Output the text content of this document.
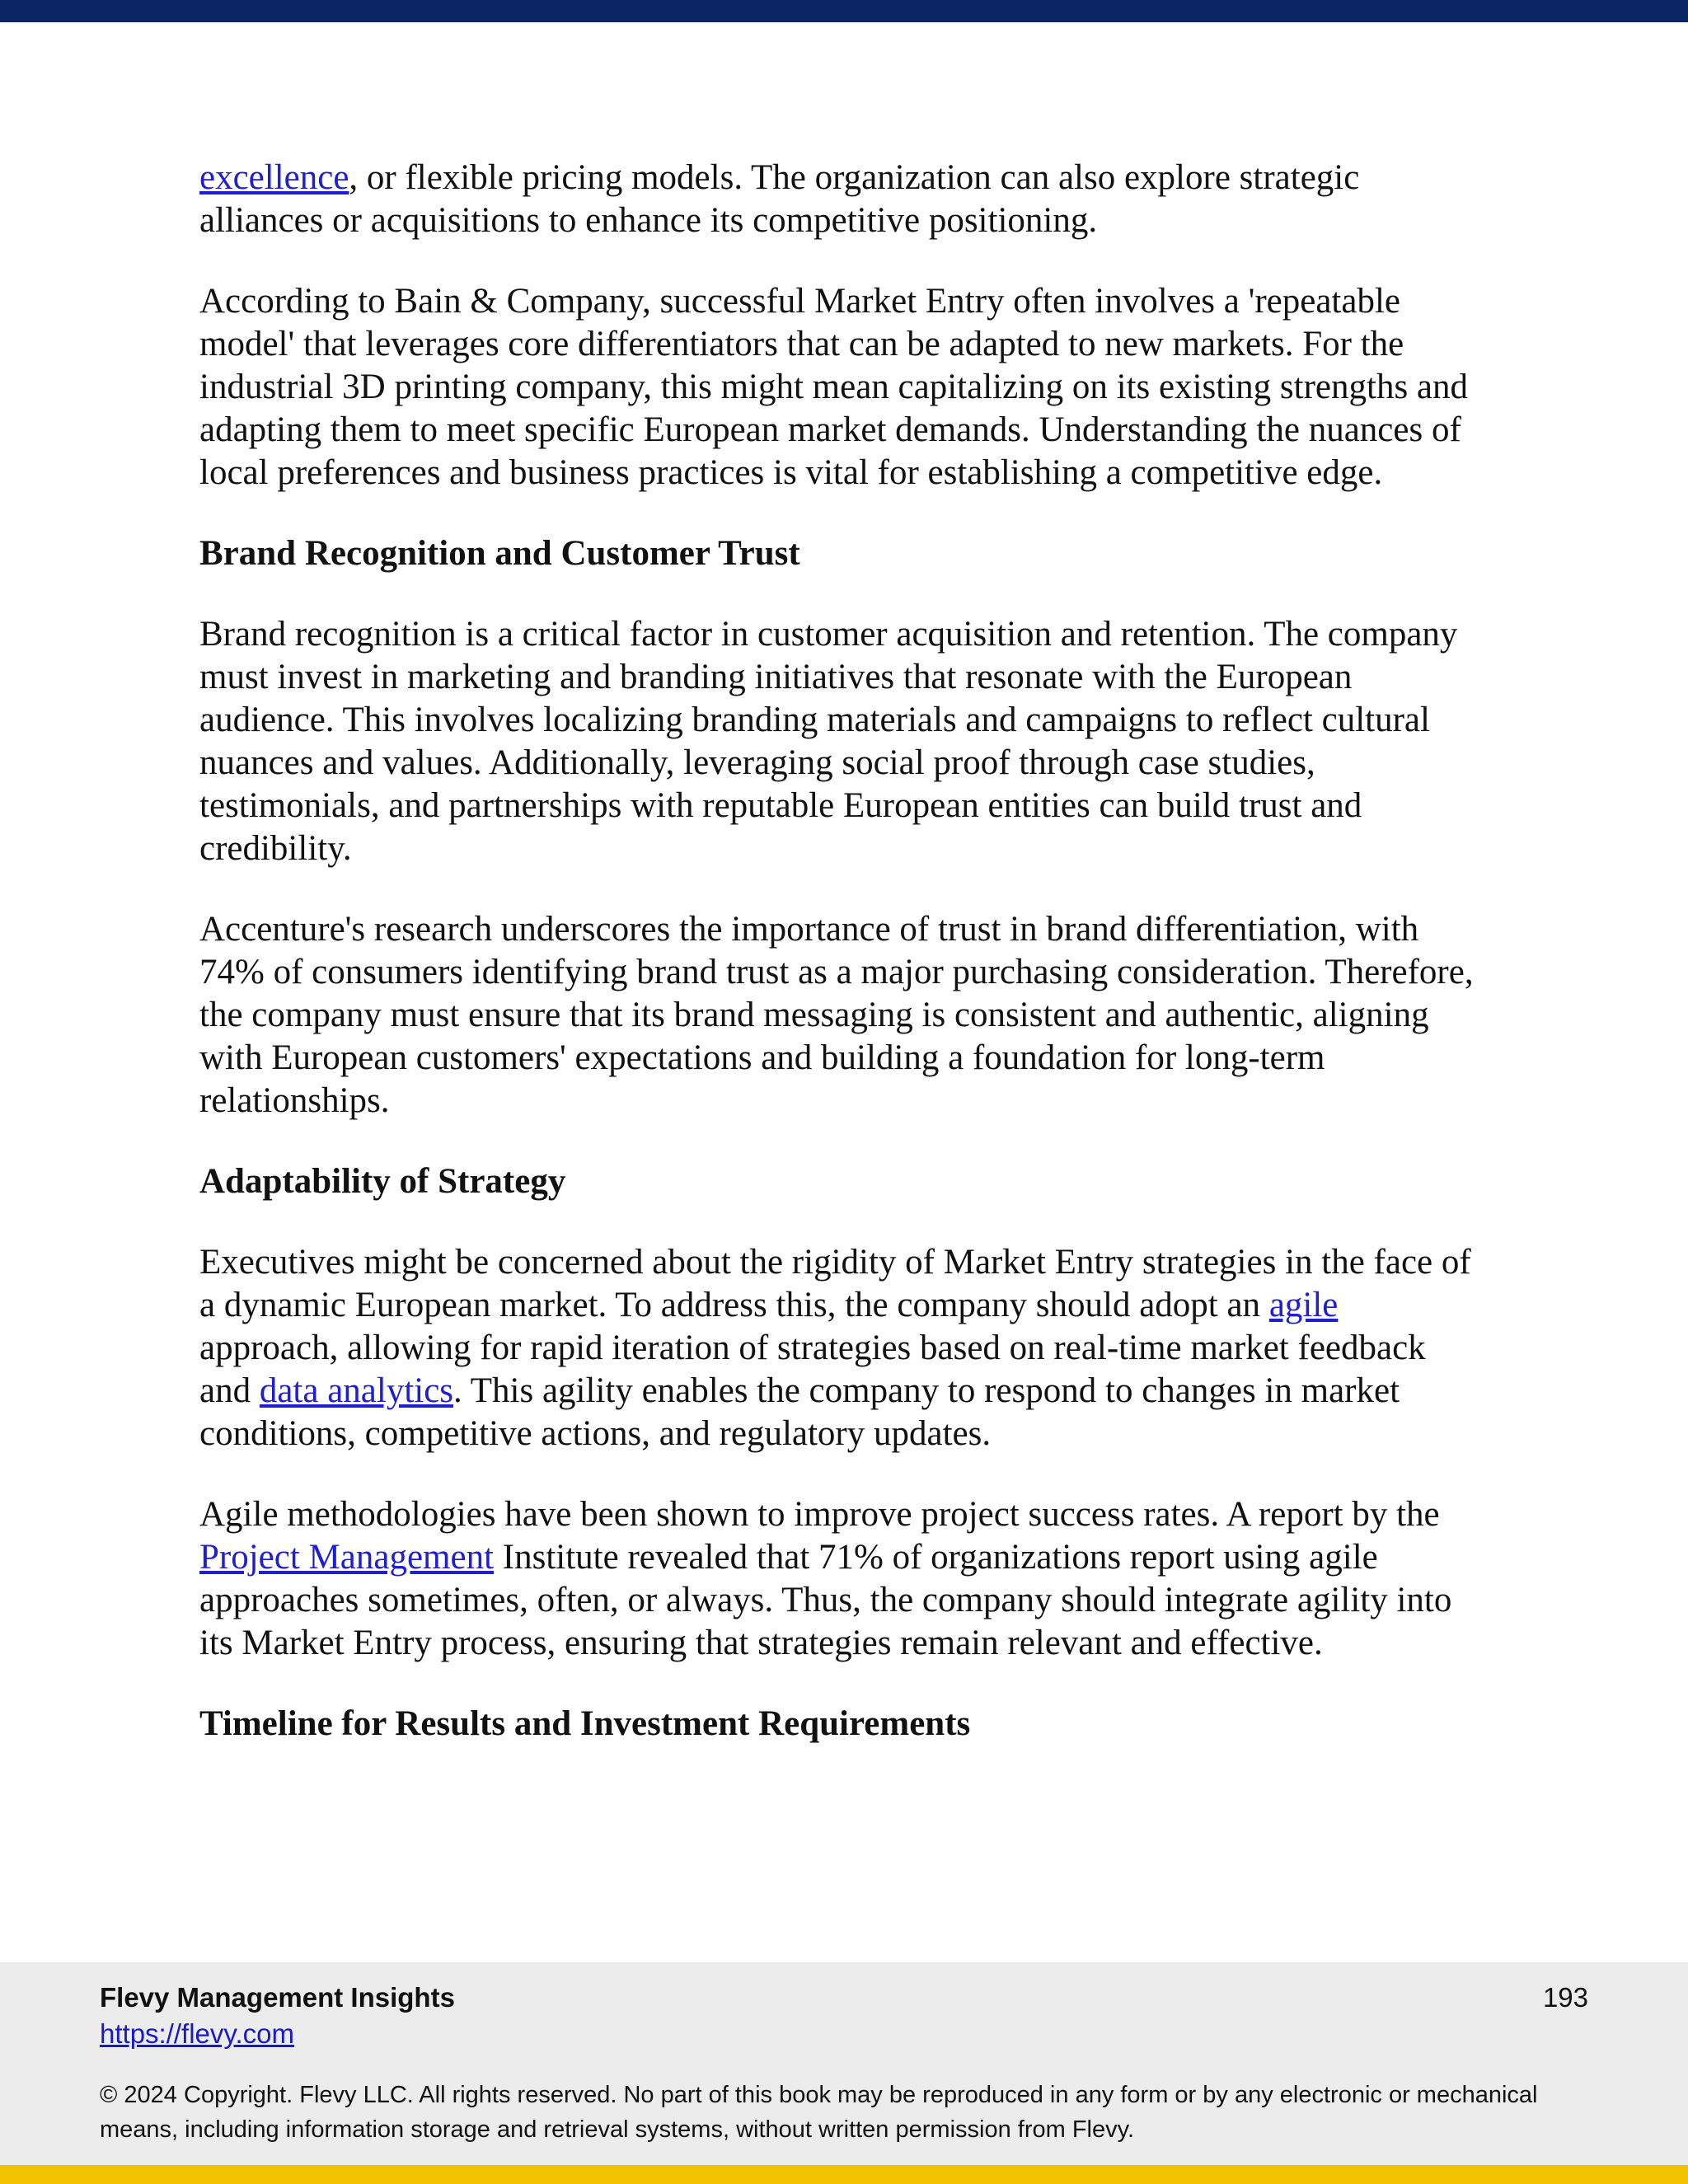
excellence, or flexible pricing models. The organization can also explore strategic alliances or acquisitions to enhance its competitive positioning.

According to Bain & Company, successful Market Entry often involves a 'repeatable model' that leverages core differentiators that can be adapted to new markets. For the industrial 3D printing company, this might mean capitalizing on its existing strengths and adapting them to meet specific European market demands. Understanding the nuances of local preferences and business practices is vital for establishing a competitive edge.

Brand Recognition and Customer Trust

Brand recognition is a critical factor in customer acquisition and retention. The company must invest in marketing and branding initiatives that resonate with the European audience. This involves localizing branding materials and campaigns to reflect cultural nuances and values. Additionally, leveraging social proof through case studies, testimonials, and partnerships with reputable European entities can build trust and credibility.

Accenture's research underscores the importance of trust in brand differentiation, with 74% of consumers identifying brand trust as a major purchasing consideration. Therefore, the company must ensure that its brand messaging is consistent and authentic, aligning with European customers' expectations and building a foundation for long-term relationships.

Adaptability of Strategy

Executives might be concerned about the rigidity of Market Entry strategies in the face of a dynamic European market. To address this, the company should adopt an agile approach, allowing for rapid iteration of strategies based on real-time market feedback and data analytics. This agility enables the company to respond to changes in market conditions, competitive actions, and regulatory updates.

Agile methodologies have been shown to improve project success rates. A report by the Project Management Institute revealed that 71% of organizations report using agile approaches sometimes, often, or always. Thus, the company should integrate agility into its Market Entry process, ensuring that strategies remain relevant and effective.

Timeline for Results and Investment Requirements
Flevy Management Insights
https://flevy.com
193
© 2024 Copyright. Flevy LLC. All rights reserved. No part of this book may be reproduced in any form or by any electronic or mechanical means, including information storage and retrieval systems, without written permission from Flevy.
